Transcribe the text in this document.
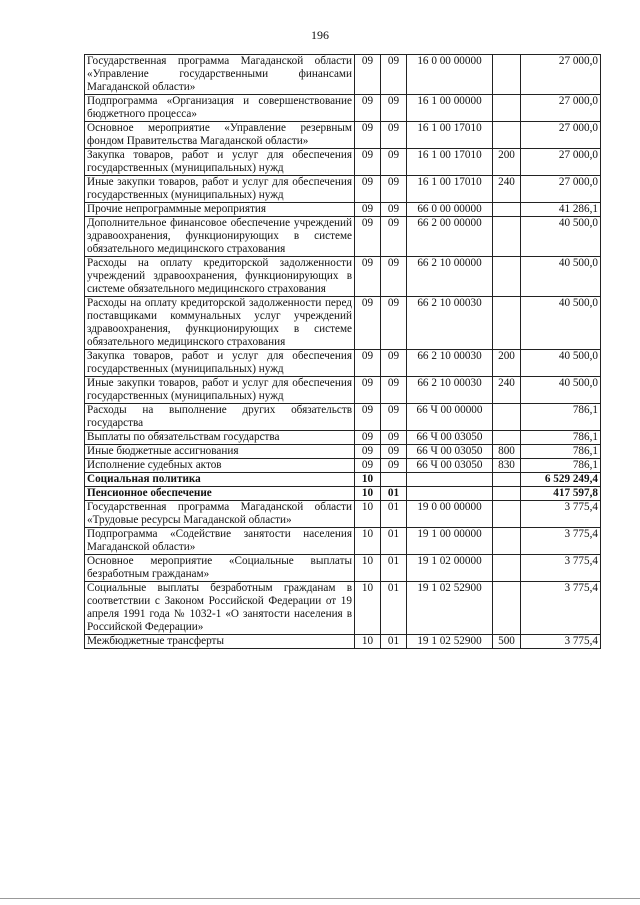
196
Государственная программа Магаданской области «Управление государственными финансами Магаданской области»	09	09	16 0 00 00000		27 000,0
Подпрограмма «Организация и совершенствование бюджетного процесса»	09	09	16 1 00 00000		27 000,0
Основное мероприятие «Управление резервным фондом Правительства Магаданской области»	09	09	16 1 00 17010		27 000,0
Закупка товаров, работ и услуг для обеспечения государственных (муниципальных) нужд	09	09	16 1 00 17010	200	27 000,0
Иные закупки товаров, работ и услуг для обеспечения государственных (муниципальных) нужд	09	09	16 1 00 17010	240	27 000,0
Прочие непрограммные мероприятия	09	09	66 0 00 00000		41 286,1
Дополнительное финансовое обеспечение учреждений здравоохранения, функционирующих в системе обязательного медицинского страхования	09	09	66 2 00 00000		40 500,0
Расходы на оплату кредиторской задолженности учреждений здравоохранения, функционирующих в системе обязательного медицинского страхования	09	09	66 2 10 00000		40 500,0
Расходы на оплату кредиторской задолженности перед поставщиками коммунальных услуг учреждений здравоохранения, функционирующих в системе обязательного медицинского страхования	09	09	66 2 10 00030		40 500,0
Закупка товаров, работ и услуг для обеспечения государственных (муниципальных) нужд	09	09	66 2 10 00030	200	40 500,0
Иные закупки товаров, работ и услуг для обеспечения государственных (муниципальных) нужд	09	09	66 2 10 00030	240	40 500,0
Расходы на выполнение других обязательств государства	09	09	66 Ч 00 00000		786,1
Выплаты по обязательствам государства	09	09	66 Ч 00 03050		786,1
Иные бюджетные ассигнования	09	09	66 Ч 00 03050	800	786,1
Исполнение судебных актов	09	09	66 Ч 00 03050	830	786,1
Социальная политика	10				6 529 249,4
Пенсионное обеспечение	10	01			417 597,8
Государственная программа Магаданской области «Трудовые ресурсы Магаданской области»	10	01	19 0 00 00000		3 775,4
Подпрограмма «Содействие занятости населения Магаданской области»	10	01	19 1 00 00000		3 775,4
Основное мероприятие «Социальные выплаты безработным гражданам»	10	01	19 1 02 00000		3 775,4
Социальные выплаты безработным гражданам в соответствии с Законом Российской Федерации от 19 апреля 1991 года № 1032-1 «О занятости населения в Российской Федерации»	10	01	19 1 02 52900		3 775,4
Межбюджетные трансферты	10	01	19 1 02 52900	500	3 775,4
